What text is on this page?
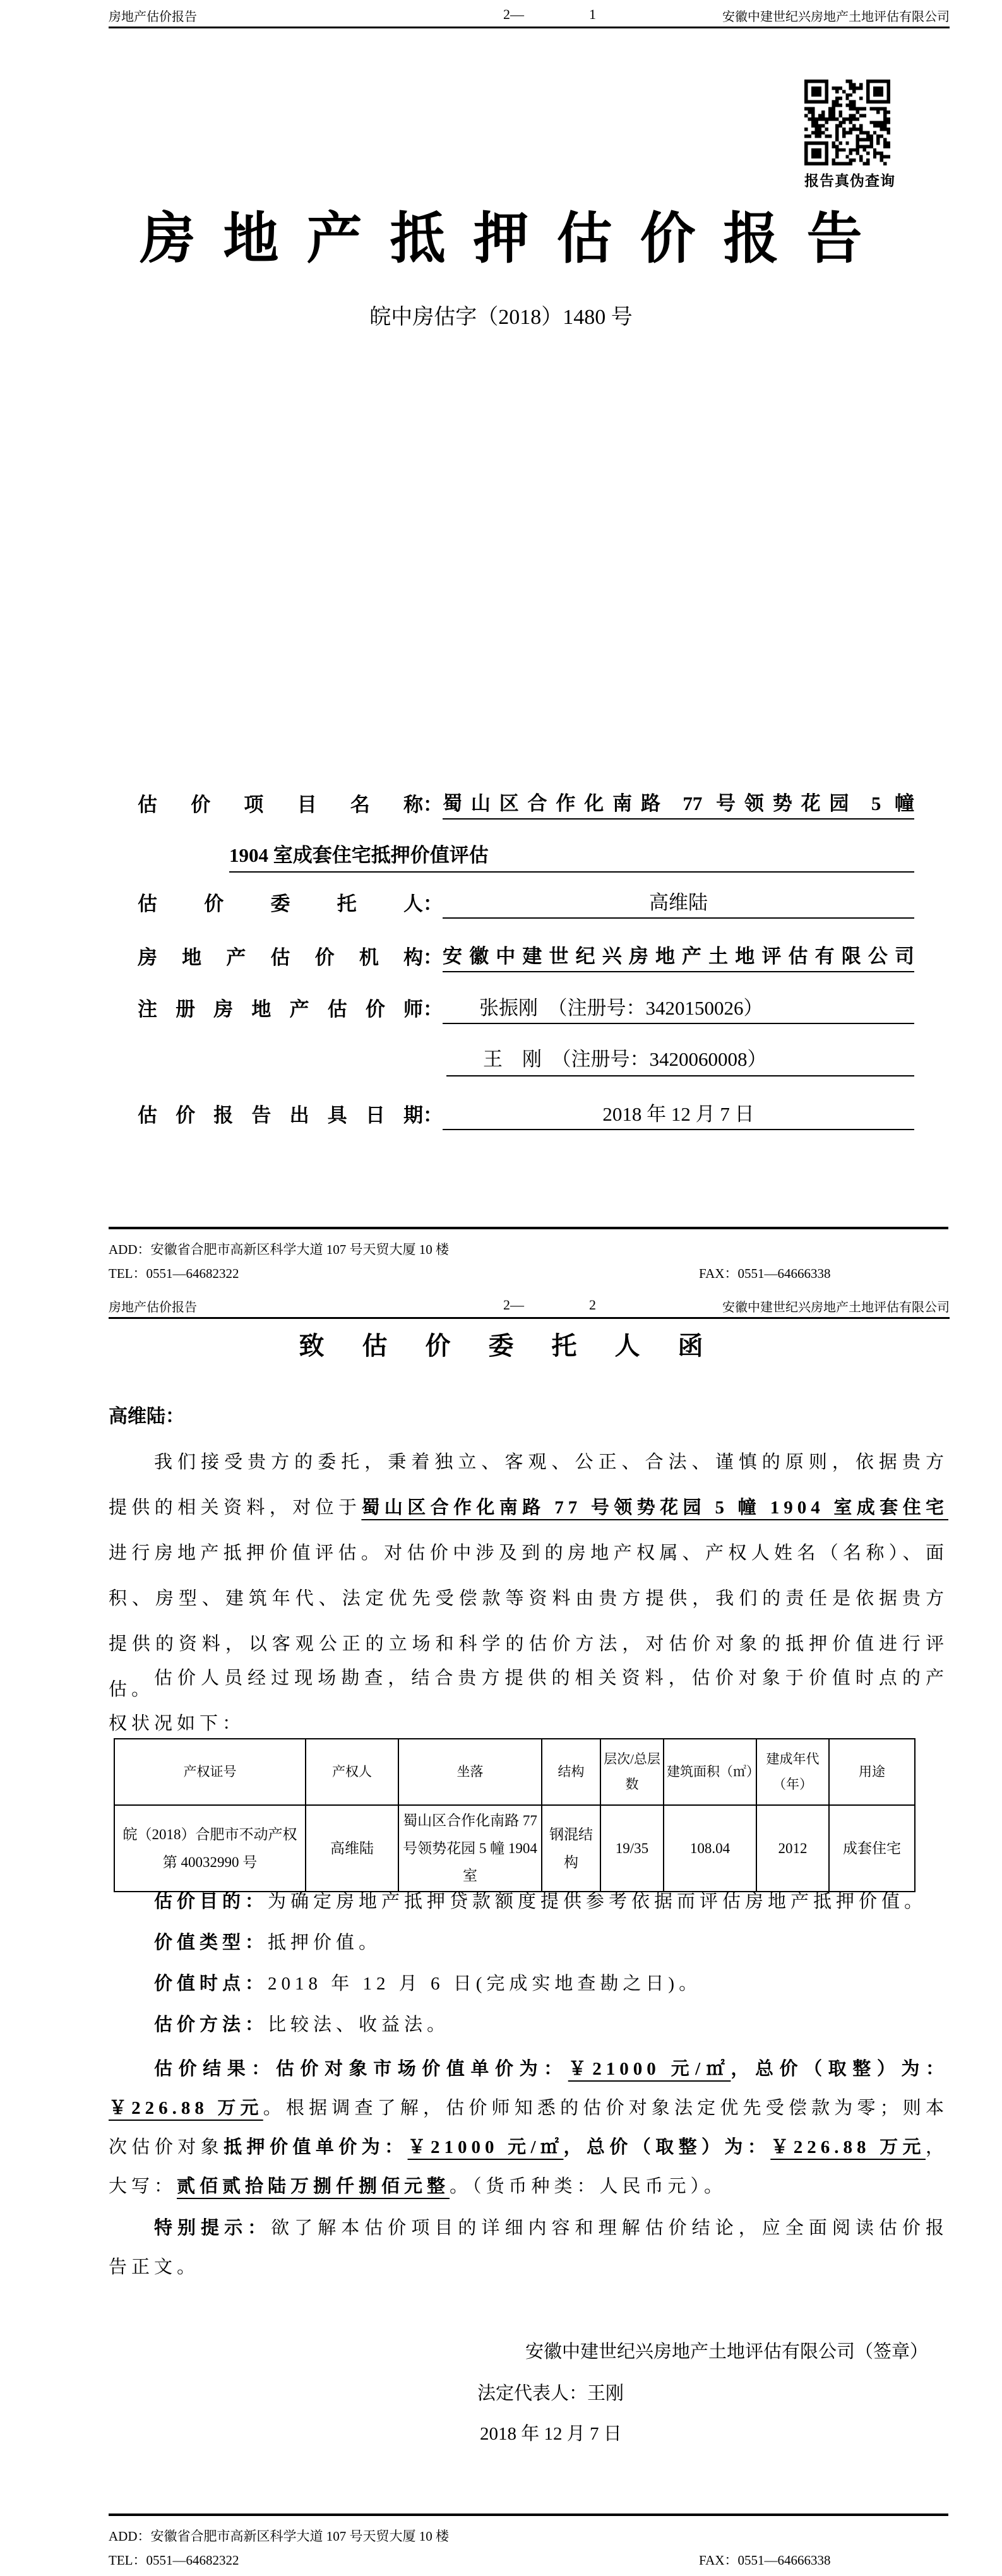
房地产估价报告	2—	1	安徽中建世纪兴房地产土地评估有限公司
报告真伪查询
房地产抵押估价报告
皖中房估字（2018）1480 号
估价项目名称 ： 蜀山区合作化南路 77 号领势花园 5 幢
1904 室成套住宅抵押价值评估
估价委托人 ：	高维陆
房地产估价机构 ： 安徽中建世纪兴房地产土地评估有限公司
注册房地产估价师 ：	张振刚　（注册号：3420150026）
王　刚　（注册号：3420060008）
估价报告出具日期 ：	2018 年 12 月 7 日
ADD：安徽省合肥市高新区科学大道 107 号天贸大厦 10 楼
TEL：0551—64682322	FAX：0551—64666338
房地产估价报告	2—	2	安徽中建世纪兴房地产土地评估有限公司
致估价委托人函
高维陆：
我们接受贵方的委托，秉着独立、客观、公正、合法、谨慎的原则，依据贵方提供的相关资料，对位于蜀山区合作化南路 77 号领势花园 5 幢 1904 室成套住宅进行房地产抵押价值评估。对估价中涉及到的房地产权属、产权人姓名（名称）、面积、房型、建筑年代、法定优先受偿款等资料由贵方提供，我们的责任是依据贵方提供的资料，以客观公正的立场和科学的估价方法，对估价对象的抵押价值进行评估。
估价人员经过现场勘查，结合贵方提供的相关资料，估价对象于价值时点的产权状况如下：
产权证号	产权人	坐落	结构	层次/总层数	建筑面积（㎡）	建成年代（年）	用途
皖（2018）合肥市不动产权第 40032990 号	高维陆	蜀山区合作化南路 77 号领势花园 5 幢 1904 室	钢混结构	19/35	108.04	2012	成套住宅

估价目的：为确定房地产抵押贷款额度提供参考依据而评估房地产抵押价值。

价值类型：抵押价值。

价值时点：2018 年 12 月 6 日(完成实地查勘之日)。

估价方法：比较法、收益法。

估价结果：估价对象市场价值单价为：￥21000 元/㎡，总价（取整）为：￥226.88 万元。根据调查了解，估价师知悉的估价对象法定优先受偿款为零；则本次估价对象抵押价值单价为：￥21000 元/㎡，总价（取整）为：￥226.88 万元，大写：贰佰贰拾陆万捌仟捌佰元整。（货币种类：人民币元）。
特别提示：欲了解本估价项目的详细内容和理解估价结论，应全面阅读估价报告正文。
安徽中建世纪兴房地产土地评估有限公司（签章）
法定代表人：王刚
2018 年 12 月 7 日
ADD：安徽省合肥市高新区科学大道 107 号天贸大厦 10 楼
TEL：0551—64682322	FAX：0551—64666338
